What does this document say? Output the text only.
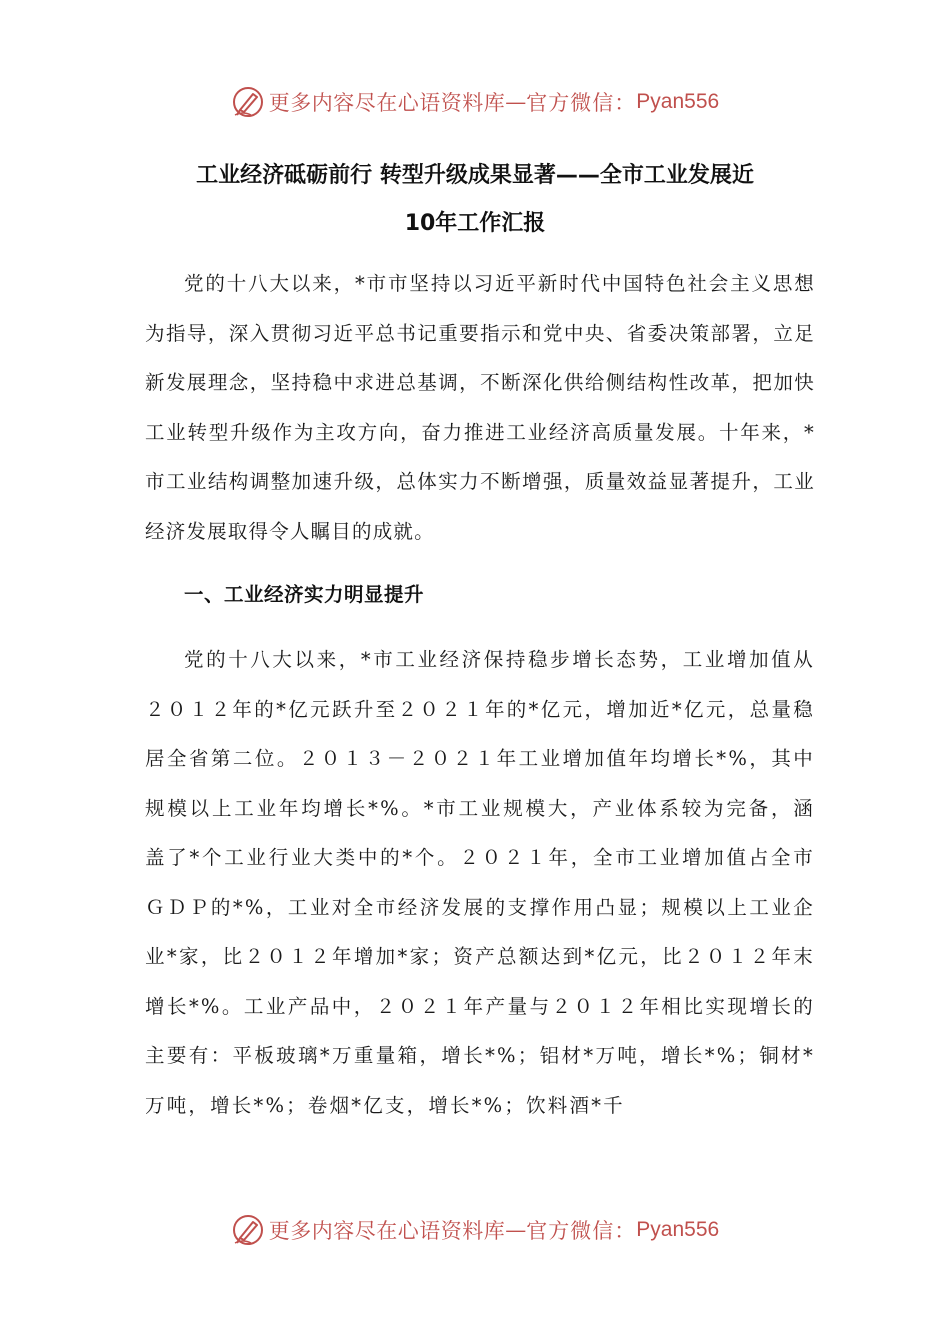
更多内容尽在心语资料库 — 官方微信： Pyan556
工业经济砥砺前行 转型升级成果显著——全市工业发展近
10年工作汇报
党的十八大以来，*市市坚持以习近平新时代中国特色社会主义思想为指导，深入贯彻习近平总书记重要指示和党中央、省委决策部署，立足新发展理念，坚持稳中求进总基调，不断深化供给侧结构性改革，把加快工业转型升级作为主攻方向，奋力推进工业经济高质量发展。十年来，*市工业结构调整加速升级，总体实力不断增强，质量效益显著提升，工业经济发展取得令人瞩目的成就。
一、工业经济实力明显提升
党的十八大以来，*市工业经济保持稳步增长态势，工业增加值从２０１２年的*亿元跃升至２０２１年的*亿元，增加近*亿元，总量稳居全省第二位。２０１３－２０２１年工业增加值年均增长*%，其中规模以上工业年均增长*%。*市工业规模大，产业体系较为完备，涵盖了*个工业行业大类中的*个。２０２１年，全市工业增加值占全市ＧＤＰ的*%，工业对全市经济发展的支撑作用凸显；规模以上工业企业*家，比２０１２年增加*家；资产总额达到*亿元，比２０１２年末增长*%。工业产品中，２０２１年产量与２０１２年相比实现增长的主要有：平板玻璃*万重量箱，增长*%；铝材*万吨，增长*%；铜材*万吨，增长*%；卷烟*亿支，增长*%；饮料酒*千
更多内容尽在心语资料库 — 官方微信： Pyan556
